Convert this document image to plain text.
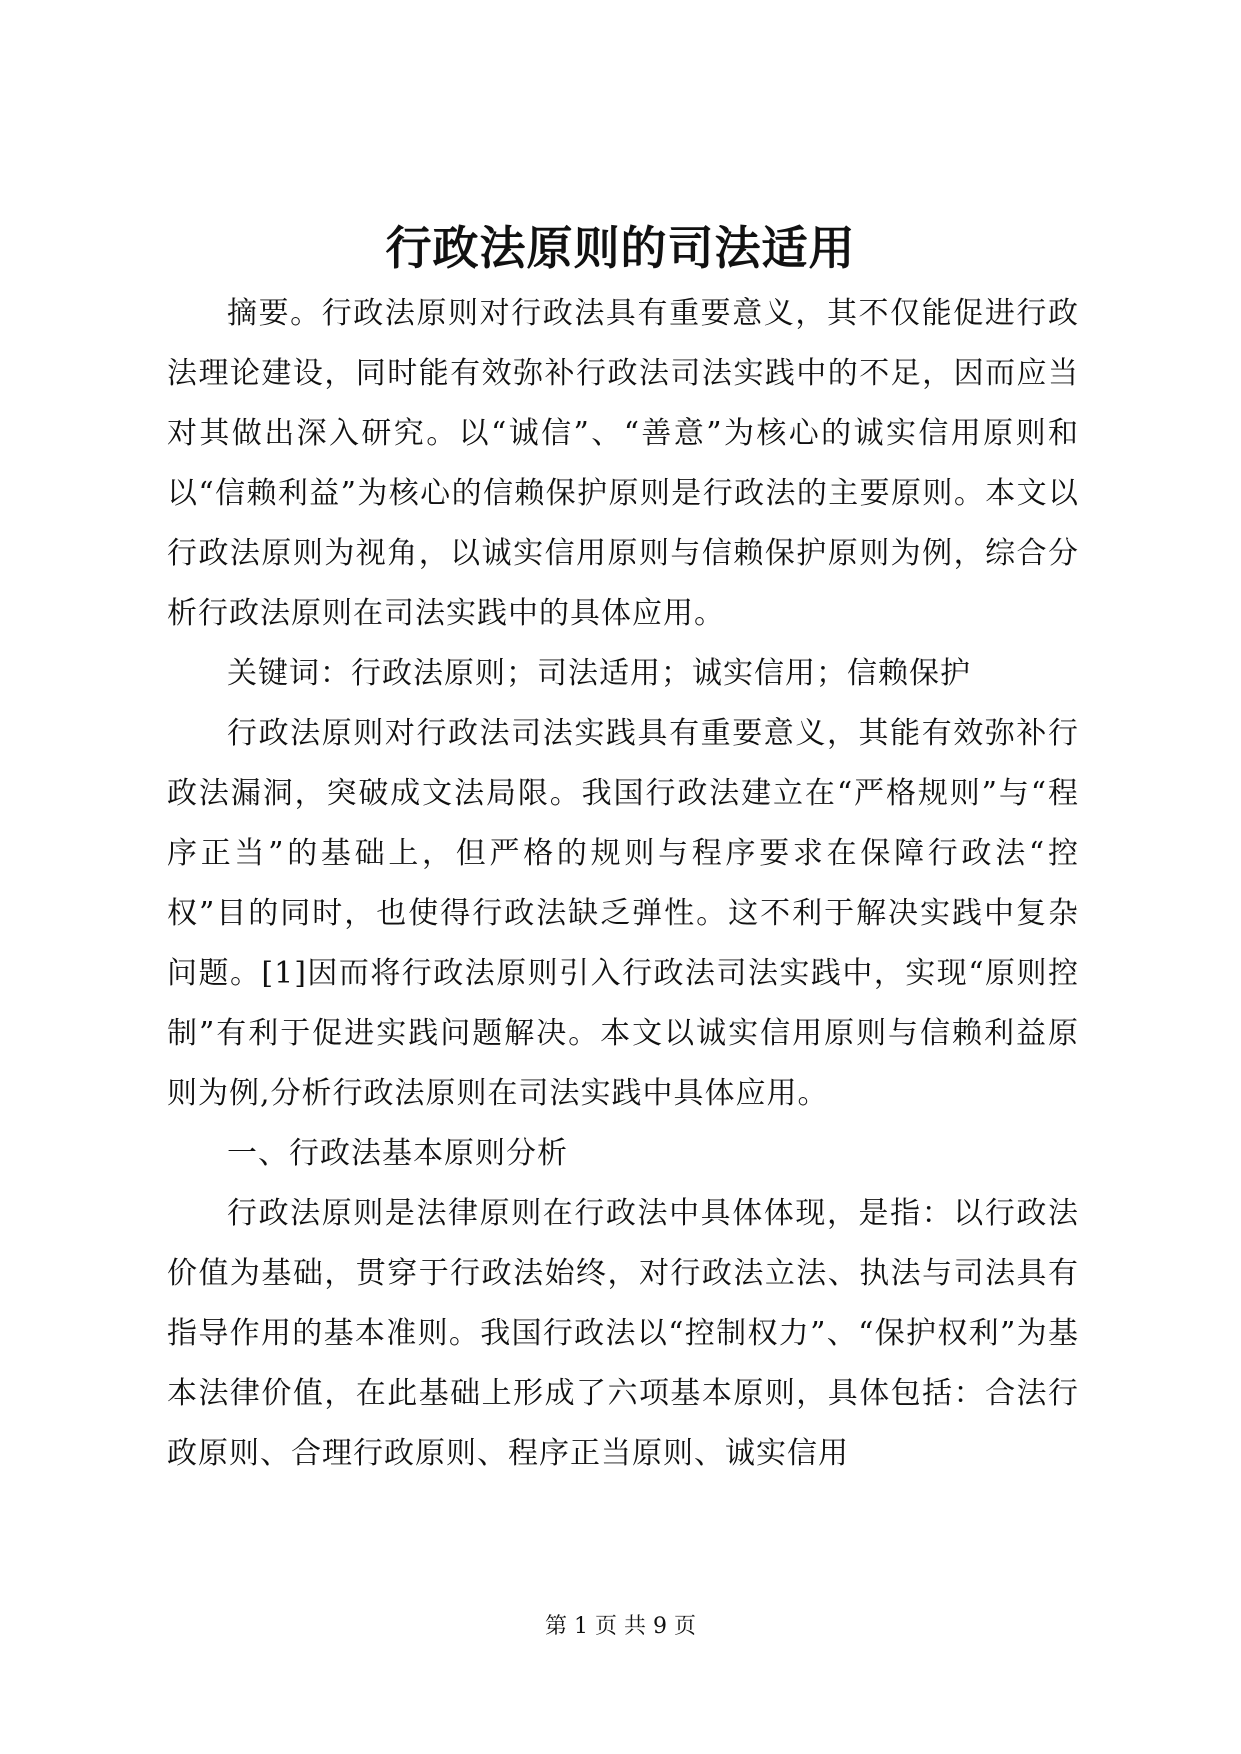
行政法原则的司法适用

摘要。行政法原则对行政法具有重要意义，其不仅能促进行政法理论建设，同时能有效弥补行政法司法实践中的不足，因而应当对其做出深入研究。以“诚信”、“善意”为核心的诚实信用原则和以“信赖利益”为核心的信赖保护原则是行政法的主要原则。本文以行政法原则为视角，以诚实信用原则与信赖保护原则为例，综合分析行政法原则在司法实践中的具体应用。

关键词：行政法原则；司法适用；诚实信用；信赖保护

行政法原则对行政法司法实践具有重要意义，其能有效弥补行政法漏洞，突破成文法局限。我国行政法建立在“严格规则”与“程序正当”的基础上，但严格的规则与程序要求在保障行政法“控权”目的同时，也使得行政法缺乏弹性。这不利于解决实践中复杂问题。[1]因而将行政法原则引入行政法司法实践中，实现“原则控制”有利于促进实践问题解决。本文以诚实信用原则与信赖利益原则为例,分析行政法原则在司法实践中具体应用。

一、行政法基本原则分析

行政法原则是法律原则在行政法中具体体现，是指：以行政法价值为基础，贯穿于行政法始终，对行政法立法、执法与司法具有指导作用的基本准则。我国行政法以“控制权力”、“保护权利”为基本法律价值，在此基础上形成了六项基本原则，具体包括：合法行政原则、合理行政原则、程序正当原则、诚实信用

第 1 页 共 9 页
